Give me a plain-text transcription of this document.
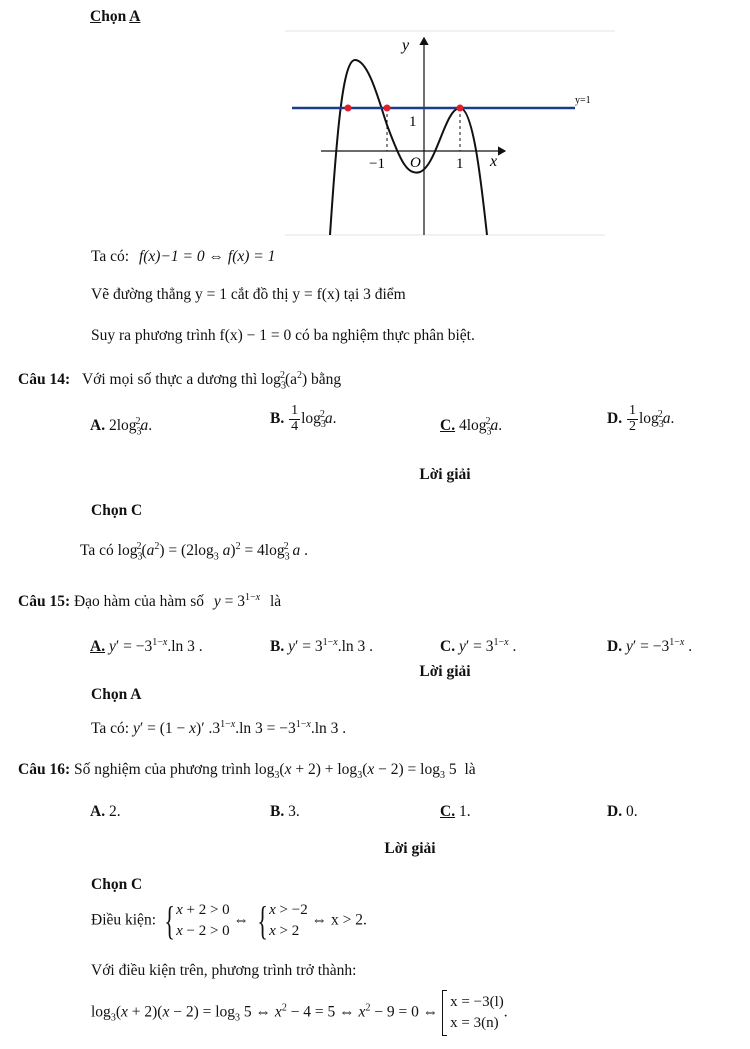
Chọn A
y
x
O
−1	1
1
y=1
Ta có: f(x)−1 = 0 ⇔ f(x) = 1
Vẽ đường thẳng y = 1 cắt đồ thị y = f(x) tại 3 điểm
Suy ra phương trình f(x) − 1 = 0 có ba nghiệm thực phân biệt.
Câu 14: Với mọi số thực a dương thì $\log_3^2(a^2)$ bằng
A. $2\log_3^2a$.	B. $\frac{1}{4} \log_3^2a$.	C. $4\log_3^2a$.	D. $\frac{1}{2} \log_3^2a$.
Lời giải
Chọn C
Ta có $\log_3^2(a^2) = (2\log_3$ $a)^2 = 4\log_3^2$ a .
Câu 15: Đạo hàm của hàm số $y = 3^{1-x}$ là
A. $y' = -3^{1-x}.\ln$ 3 .	B. $y' = 3^{1-x}.\ln$ 3 .	C. $y' = 3^{1-x}$ .	D. $y' = -3^{1-x}$ .
Lời giải
Chọn A
Ta có: y′ = (1 − x)′ $.3^{1-x}.\ln$ $3 = -3^{1-x}.\ln$ 3 .
Câu 16: Số nghiệm của phương trình $\log_3(x + 2) + \log_3(x - 2) = \log_3 5$ là
A. 2.	B. 3.	C. 1.	D. 0.
Lời giải
Chọn C
Điều kiện: {x + 2 > 0
x − 2 > 0 ⇔ {x > −2
x > 2 ⇔ x > 2.
Với điều kiện trên, phương trình trở thành:
$\log_3(x + 2)(x - 2) = \log_3 5$ ⇔ $x^2 - 4 = 5$ ⇔ $x^2 - 9 = 0$ ⇔ x = −3(l)
x = 3(n).
